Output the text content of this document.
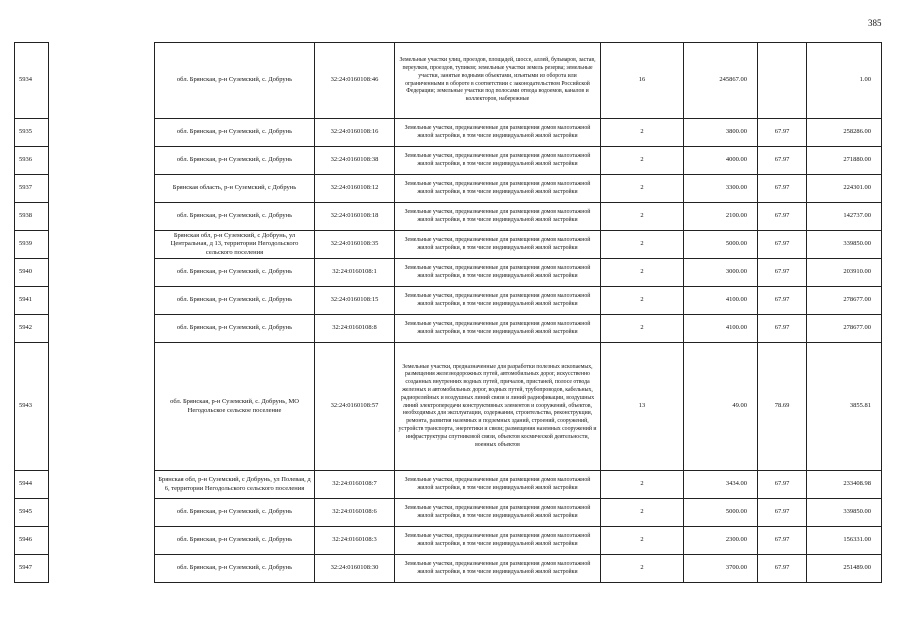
385
5934		обл. Брянская, р-н Суземский, с. Добрунь	32:24:0160108:46	Земельные участки улиц, проездов, площадей, шоссе, аллей, бульваров, застав, переулков, проездов, тупиков; земельные участки земель резерва; земельные участки, занятые водными объектами, изъятыми из оборота или ограниченными в обороте в соответствии с законодательством Российской Федерации; земельные участки под полосами отвода водоемов, каналов и коллекторов, набережные	16	245867.00		1.00
5935		обл. Брянская, р-н Суземский, с. Добрунь	32:24:0160108:16	Земельные участки, предназначенные для размещения домов малоэтажной жилой застройки, в том числе индивидуальной жилой застройки	2	3800.00	67.97	258286.00
5936		обл. Брянская, р-н Суземский, с. Добрунь	32:24:0160108:38	Земельные участки, предназначенные для размещения домов малоэтажной жилой застройки, в том числе индивидуальной жилой застройки	2	4000.00	67.97	271880.00
5937		Брянская область, р-н Суземский, с Добрунь	32:24:0160108:12	Земельные участки, предназначенные для размещения домов малоэтажной жилой застройки, в том числе индивидуальной жилой застройки	2	3300.00	67.97	224301.00
5938		обл. Брянская, р-н Суземский, с. Добрунь	32:24:0160108:18	Земельные участки, предназначенные для размещения домов малоэтажной жилой застройки, в том числе индивидуальной жилой застройки	2	2100.00	67.97	142737.00
5939		Брянская обл, р-н Суземский, с Добрунь, ул Центральная, д 13, территории Негодольского сельского поселения	32:24:0160108:35	Земельные участки, предназначенные для размещения домов малоэтажной жилой застройки, в том числе индивидуальной жилой застройки	2	5000.00	67.97	339850.00
5940		обл. Брянская, р-н Суземский, с. Добрунь	32:24:0160108:1	Земельные участки, предназначенные для размещения домов малоэтажной жилой застройки, в том числе индивидуальной жилой застройки	2	3000.00	67.97	203910.00
5941		обл. Брянская, р-н Суземский, с. Добрунь	32:24:0160108:15	Земельные участки, предназначенные для размещения домов малоэтажной жилой застройки, в том числе индивидуальной жилой застройки	2	4100.00	67.97	278677.00
5942		обл. Брянская, р-н Суземский, с. Добрунь	32:24:0160108:8	Земельные участки, предназначенные для размещения домов малоэтажной жилой застройки, в том числе индивидуальной жилой застройки	2	4100.00	67.97	278677.00
5943		обл. Брянская, р-н Суземский, с. Добрунь, МО Негодольское сельское поселение	32:24:0160108:57	Земельные участки, предназначенные для разработки полезных ископаемых, размещения железнодорожных путей, автомобильных дорог, искусственно созданных внутренних водных путей, причалов, пристаней, полосе отвода железных и автомобильных дорог, водных путей, трубопроводов, кабельных, радиорелейных и воздушных линий связи и линий радиофикации, воздушных линий электропередачи конструктивных элементов и сооружений, объектов, необходимых для эксплуатации, содержания, строительства, реконструкции, ремонта, развития наземных и подземных зданий, строений, сооружений, устройств транспорта, энергетики и связи; размещения наземных сооружений и инфраструктуры спутниковой связи, объектов космической деятельности, военных объектов	13	49.00	78.69	3855.81
5944		Брянская обл, р-н Суземский, с Добрунь, ул Полевая, д 6, территории Негодольского сельского поселения	32:24:0160108:7	Земельные участки, предназначенные для размещения домов малоэтажной жилой застройки, в том числе индивидуальной жилой застройки	2	3434.00	67.97	233408.98
5945		обл. Брянская, р-н Суземский, с. Добрунь	32:24:0160108:6	Земельные участки, предназначенные для размещения домов малоэтажной жилой застройки, в том числе индивидуальной жилой застройки	2	5000.00	67.97	339850.00
5946		обл. Брянская, р-н Суземский, с. Добрунь	32:24:0160108:3	Земельные участки, предназначенные для размещения домов малоэтажной жилой застройки, в том числе индивидуальной жилой застройки	2	2300.00	67.97	156331.00
5947		обл. Брянская, р-н Суземский, с. Добрунь	32:24:0160108:30	Земельные участки, предназначенные для размещения домов малоэтажной жилой застройки, в том числе индивидуальной жилой застройки	2	3700.00	67.97	251489.00
